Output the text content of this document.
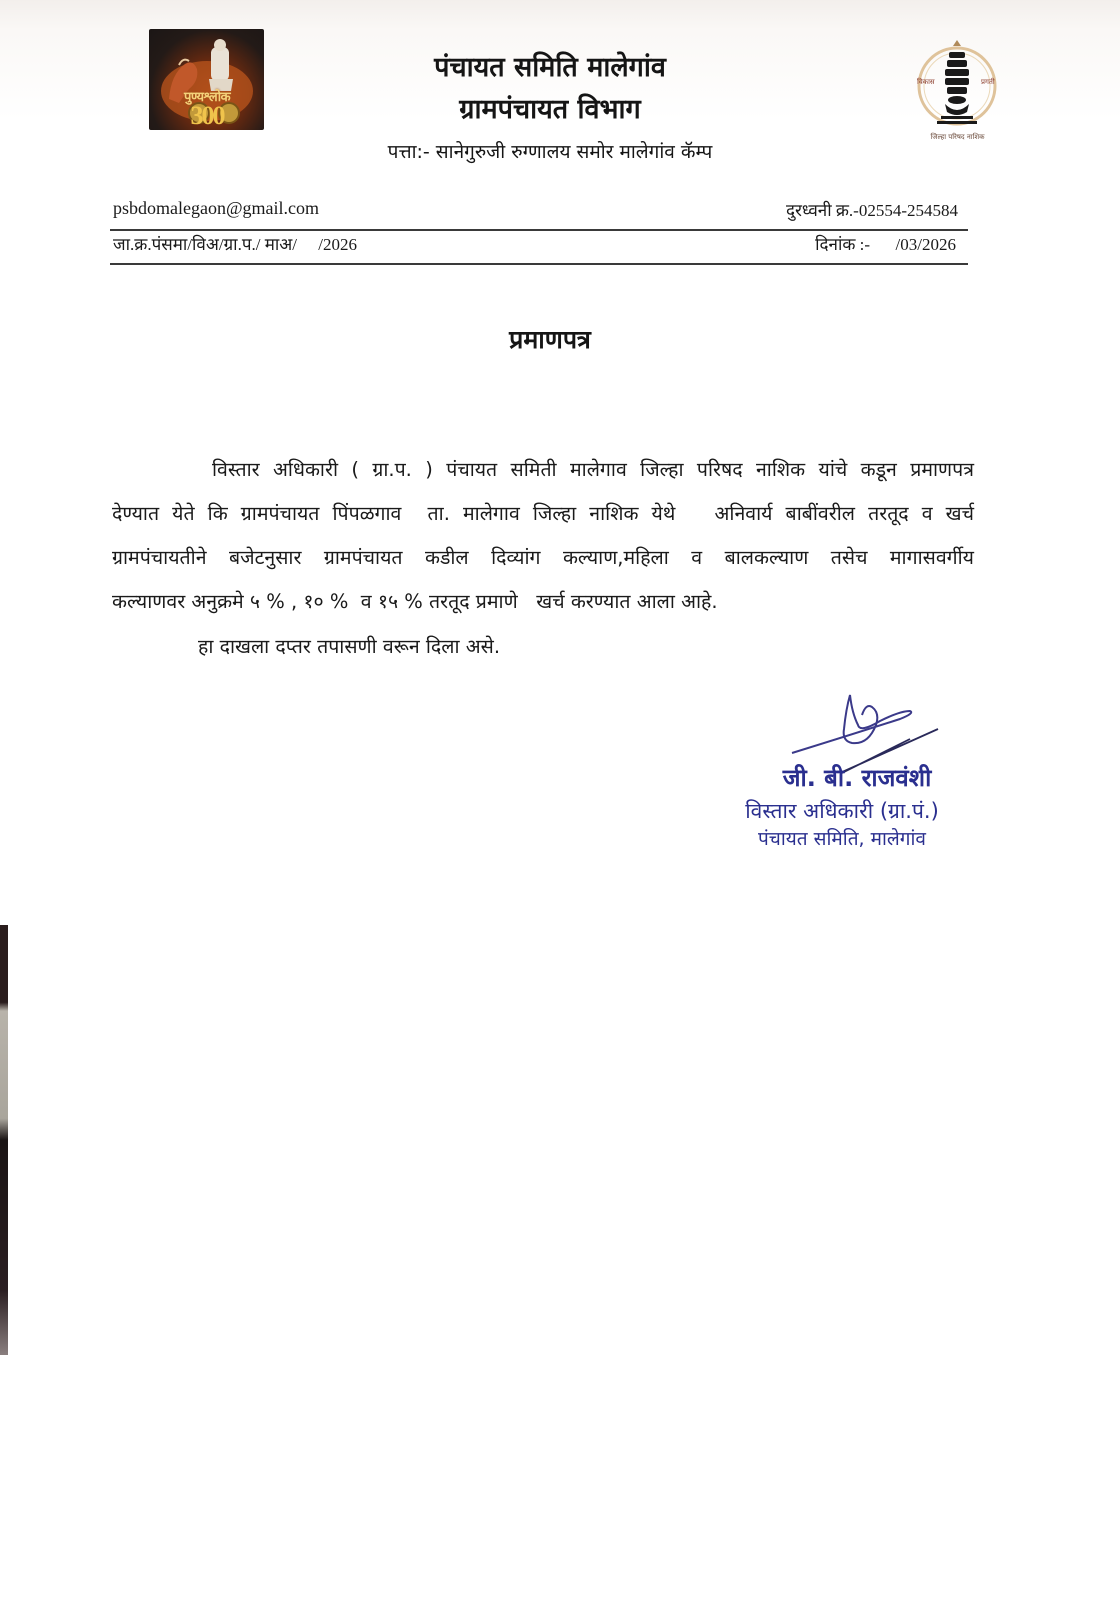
पुण्यश्लोक
300
पंचायत समिति मालेगांव
ग्रामपंचायत विभाग
पत्ता:- सानेगुरुजी रुग्णालय समोर मालेगांव कॅम्प
विकास	प्रगती
जिल्हा परिषद नाशिक
psbdomalegaon@gmail.com	दुरध्वनी क्र.-02554-254584
जा.क्र.पंसमा/विअ/ग्रा.प./ माअ/     /2026	दिनांक :-      /03/2026
प्रमाणपत्र
विस्तार अधिकारी ( ग्रा.प. ) पंचायत समिती मालेगाव जिल्हा परिषद नाशिक यांचे कडून प्रमाणपत्र
देण्यात येते कि ग्रामपंचायत पिंपळगाव  ता. मालेगाव जिल्हा नाशिक येथे   अनिवार्य बाबींवरील तरतूद व खर्च
ग्रामपंचायतीने बजेटनुसार ग्रामपंचायत कडील दिव्यांग कल्याण,महिला व बालकल्याण तसेच मागासवर्गीय
कल्याणवर अनुक्रमे ५ % , १० %  व १५ % तरतूद प्रमाणे   खर्च करण्यात आला आहे.
हा दाखला दप्तर तपासणी वरून दिला असे.
जी. बी. राजवंशी
विस्तार अधिकारी (ग्रा.पं.)
पंचायत समिति, मालेगांव
